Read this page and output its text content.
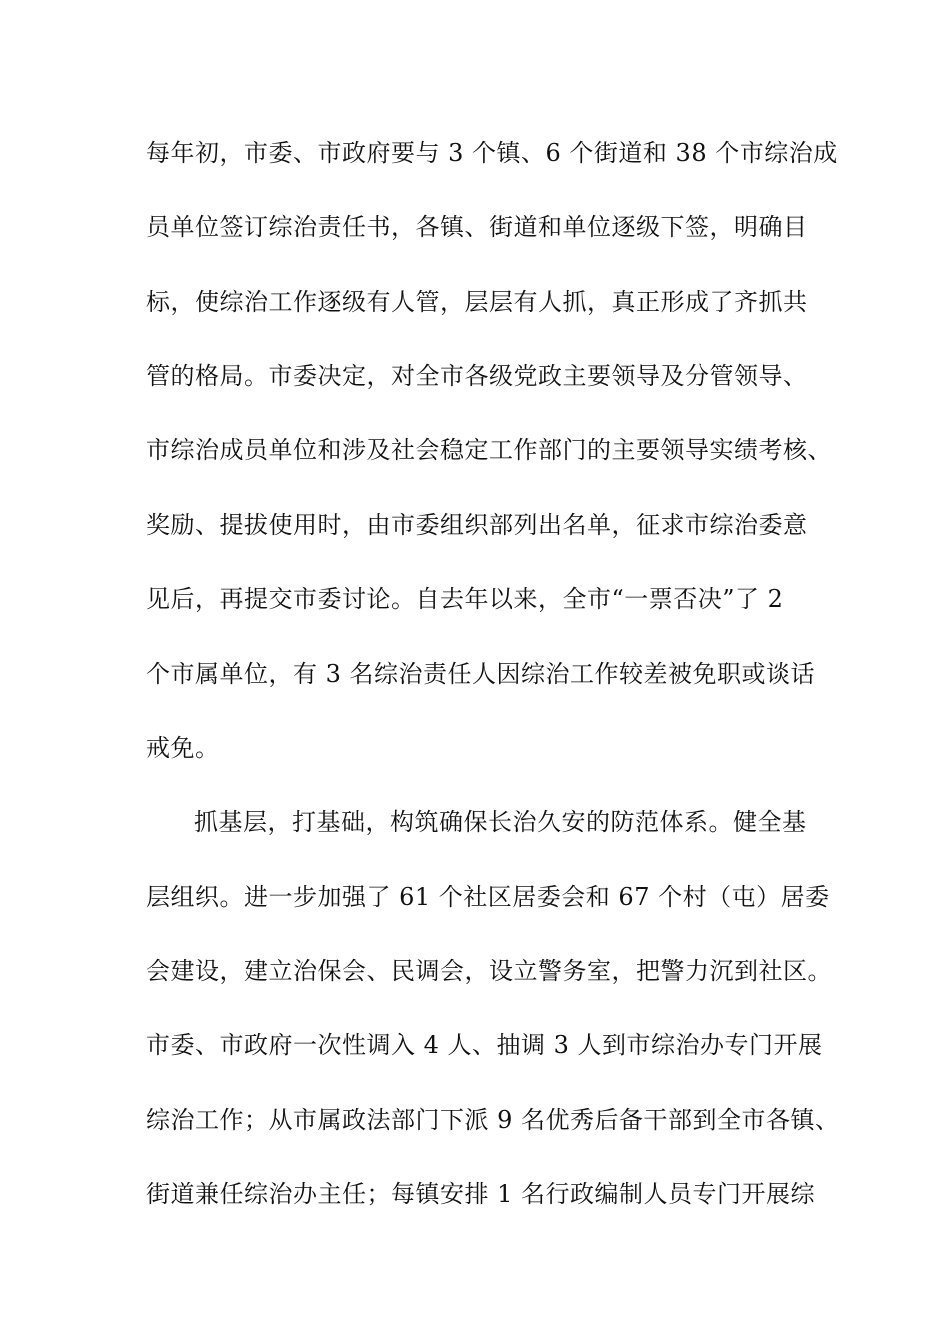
每年初，市委、市政府要与 3 个镇、6 个街道和 38 个市综治成
员单位签订综治责任书，各镇、街道和单位逐级下签，明确目
标，使综治工作逐级有人管，层层有人抓，真正形成了齐抓共
管的格局。市委决定，对全市各级党政主要领导及分管领导、
市综治成员单位和涉及社会稳定工作部门的主要领导实绩考核、
奖励、提拔使用时，由市委组织部列出名单，征求市综治委意
见后，再提交市委讨论。自去年以来，全市“一票否决”了 2
个市属单位，有 3 名综治责任人因综治工作较差被免职或谈话
戒免。
抓基层，打基础，构筑确保长治久安的防范体系。健全基
层组织。进一步加强了 61 个社区居委会和 67 个村（屯）居委
会建设，建立治保会、民调会，设立警务室，把警力沉到社区。
市委、市政府一次性调入 4 人、抽调 3 人到市综治办专门开展
综治工作；从市属政法部门下派 9 名优秀后备干部到全市各镇、
街道兼任综治办主任；每镇安排 1 名行政编制人员专门开展综
